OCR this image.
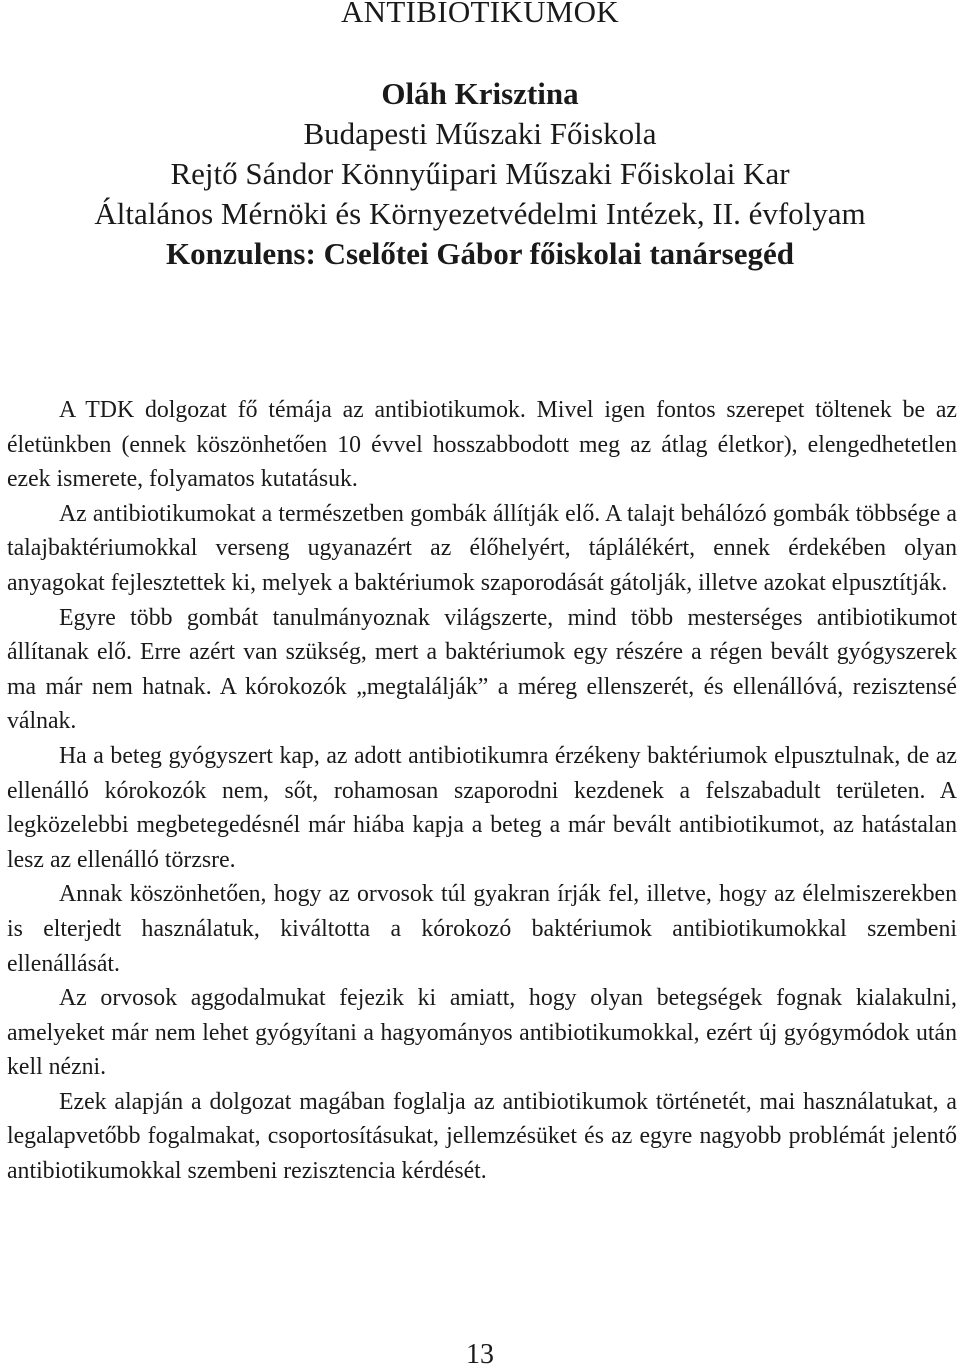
ANTIBIOTIKUMOK
Oláh Krisztina
Budapesti Műszaki Főiskola
Rejtő Sándor Könnyűipari Műszaki Főiskolai Kar
Általános Mérnöki és Környezetvédelmi Intézek, II. évfolyam
Konzulens: Cselőtei Gábor főiskolai tanársegéd

A TDK dolgozat fő témája az antibiotikumok. Mivel igen fontos szerepet töltenek be az életünkben (ennek köszönhetően 10 évvel hosszabbodott meg az átlag életkor), elengedhetetlen ezek ismerete, folyamatos kutatásuk.

Az antibiotikumokat a természetben gombák állítják elő. A talajt behálózó gombák többsége a talajbaktériumokkal verseng ugyanazért az élőhelyért, táplálékért, ennek érdekében olyan anyagokat fejlesztettek ki, melyek a baktériumok szaporodását gátolják, illetve azokat elpusztítják.

Egyre több gombát tanulmányoznak világszerte, mind több mesterséges antibiotikumot állítanak elő. Erre azért van szükség, mert a baktériumok egy részére a régen bevált gyógyszerek ma már nem hatnak. A kórokozók „megtalálják” a méreg ellenszerét, és ellenállóvá, rezisztensé válnak.

Ha a beteg gyógyszert kap, az adott antibiotikumra érzékeny baktériumok elpusztulnak, de az ellenálló kórokozók nem, sőt, rohamosan szaporodni kezdenek a felszabadult területen. A legközelebbi megbetegedésnél már hiába kapja a beteg a már bevált antibiotikumot, az hatástalan lesz az ellenálló törzsre.

Annak köszönhetően, hogy az orvosok túl gyakran írják fel, illetve, hogy az élelmiszerekben is elterjedt használatuk, kiváltotta a kórokozó baktériumok antibiotikumokkal szembeni ellenállását.

Az orvosok aggodalmukat fejezik ki amiatt, hogy olyan betegségek fognak kialakulni, amelyeket már nem lehet gyógyítani a hagyományos antibiotikumokkal, ezért új gyógymódok után kell nézni.

Ezek alapján a dolgozat magában foglalja az antibiotikumok történetét, mai használatukat, a legalapvetőbb fogalmakat, csoportosításukat, jellemzésüket és az egyre nagyobb problémát jelentő antibiotikumokkal szembeni rezisztencia kérdését.

13
